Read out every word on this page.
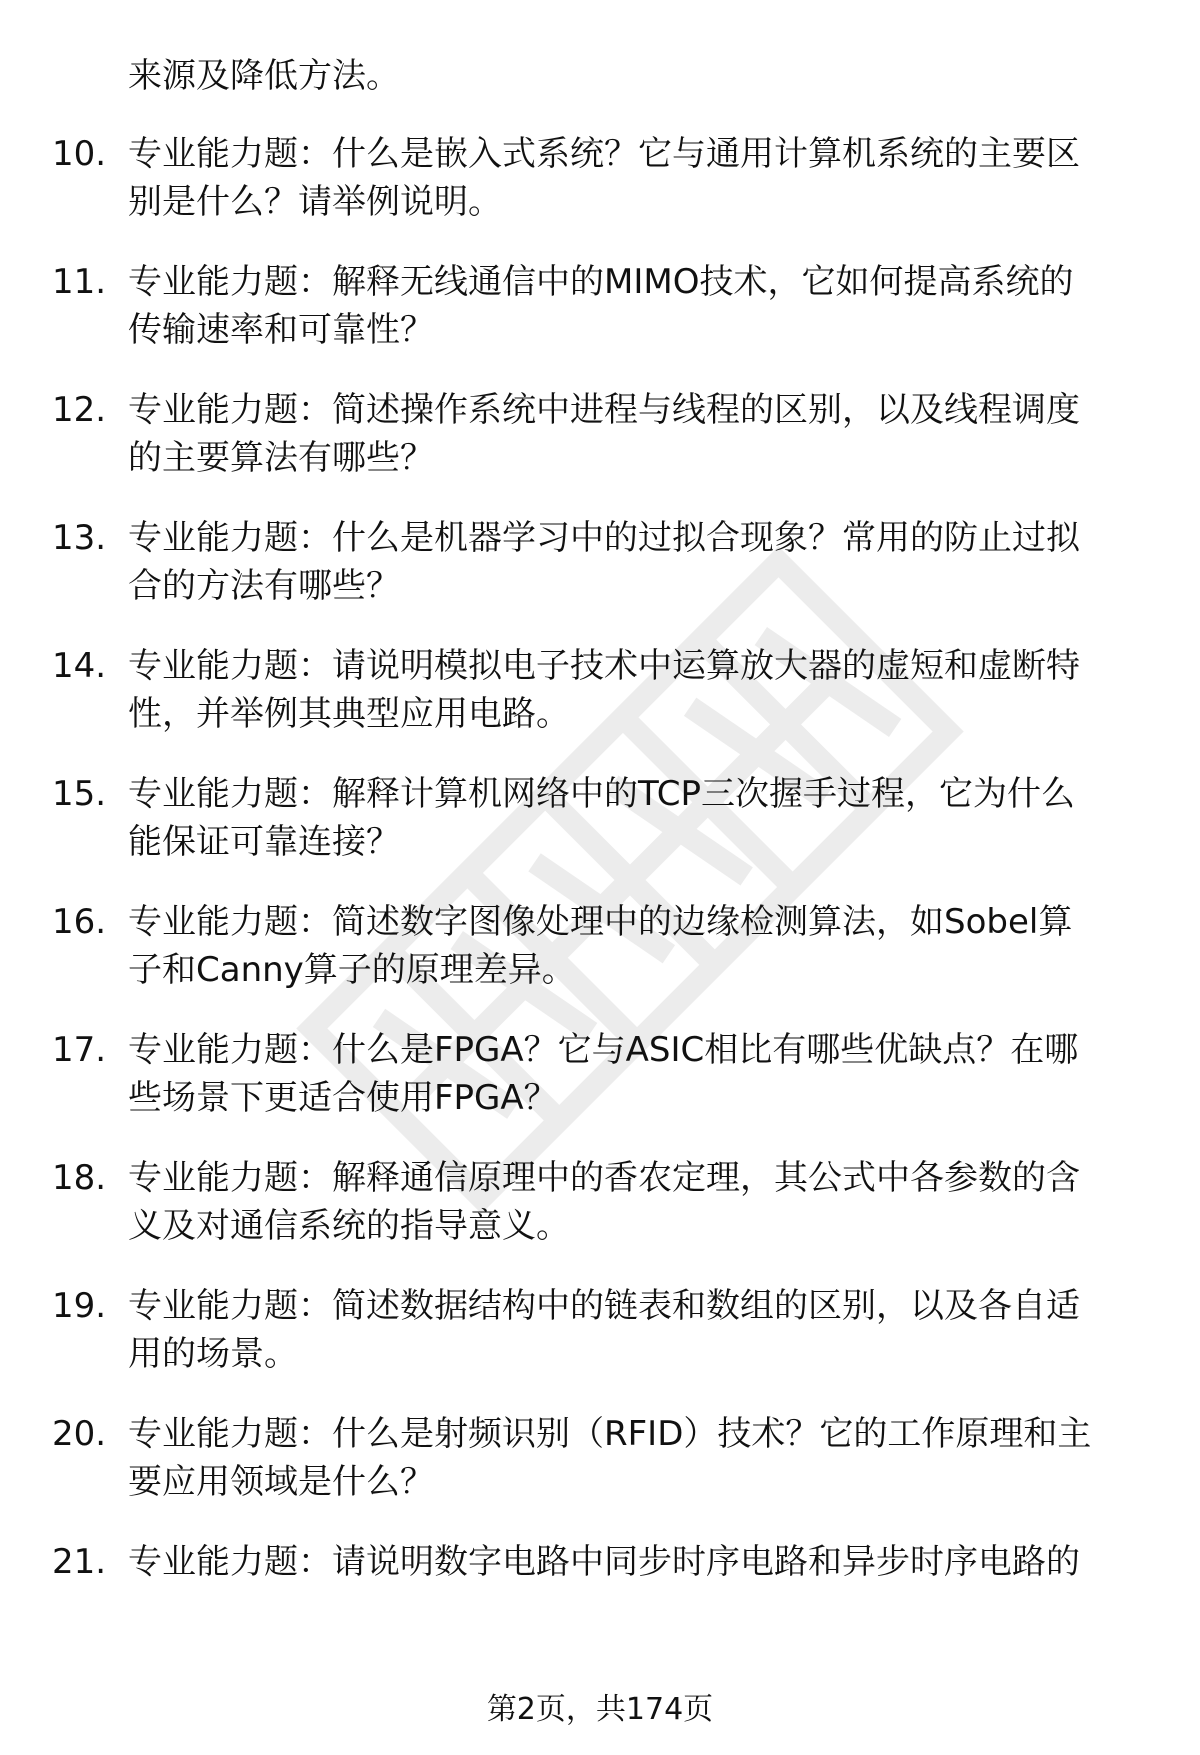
来源及降低方法。
10. 专业能力题：什么是嵌入式系统？它与通用计算机系统的主要区
别是什么？请举例说明。
11. 专业能力题：解释无线通信中的MIMO技术，它如何提高系统的
传输速率和可靠性？
12. 专业能力题：简述操作系统中进程与线程的区别，以及线程调度
的主要算法有哪些？
13. 专业能力题：什么是机器学习中的过拟合现象？常用的防止过拟
合的方法有哪些？
14. 专业能力题：请说明模拟电子技术中运算放大器的虚短和虚断特
性，并举例其典型应用电路。
15. 专业能力题：解释计算机网络中的TCP三次握手过程，它为什么
能保证可靠连接？
16. 专业能力题：简述数字图像处理中的边缘检测算法，如Sobel算
子和Canny算子的原理差异。
17. 专业能力题：什么是FPGA？它与ASIC相比有哪些优缺点？在哪
些场景下更适合使用FPGA？
18. 专业能力题：解释通信原理中的香农定理，其公式中各参数的含
义及对通信系统的指导意义。
19. 专业能力题：简述数据结构中的链表和数组的区别，以及各自适
用的场景。
20. 专业能力题：什么是射频识别（RFID）技术？它的工作原理和主
要应用领域是什么？
21. 专业能力题：请说明数字电路中同步时序电路和异步时序电路的
第2页，共174页
